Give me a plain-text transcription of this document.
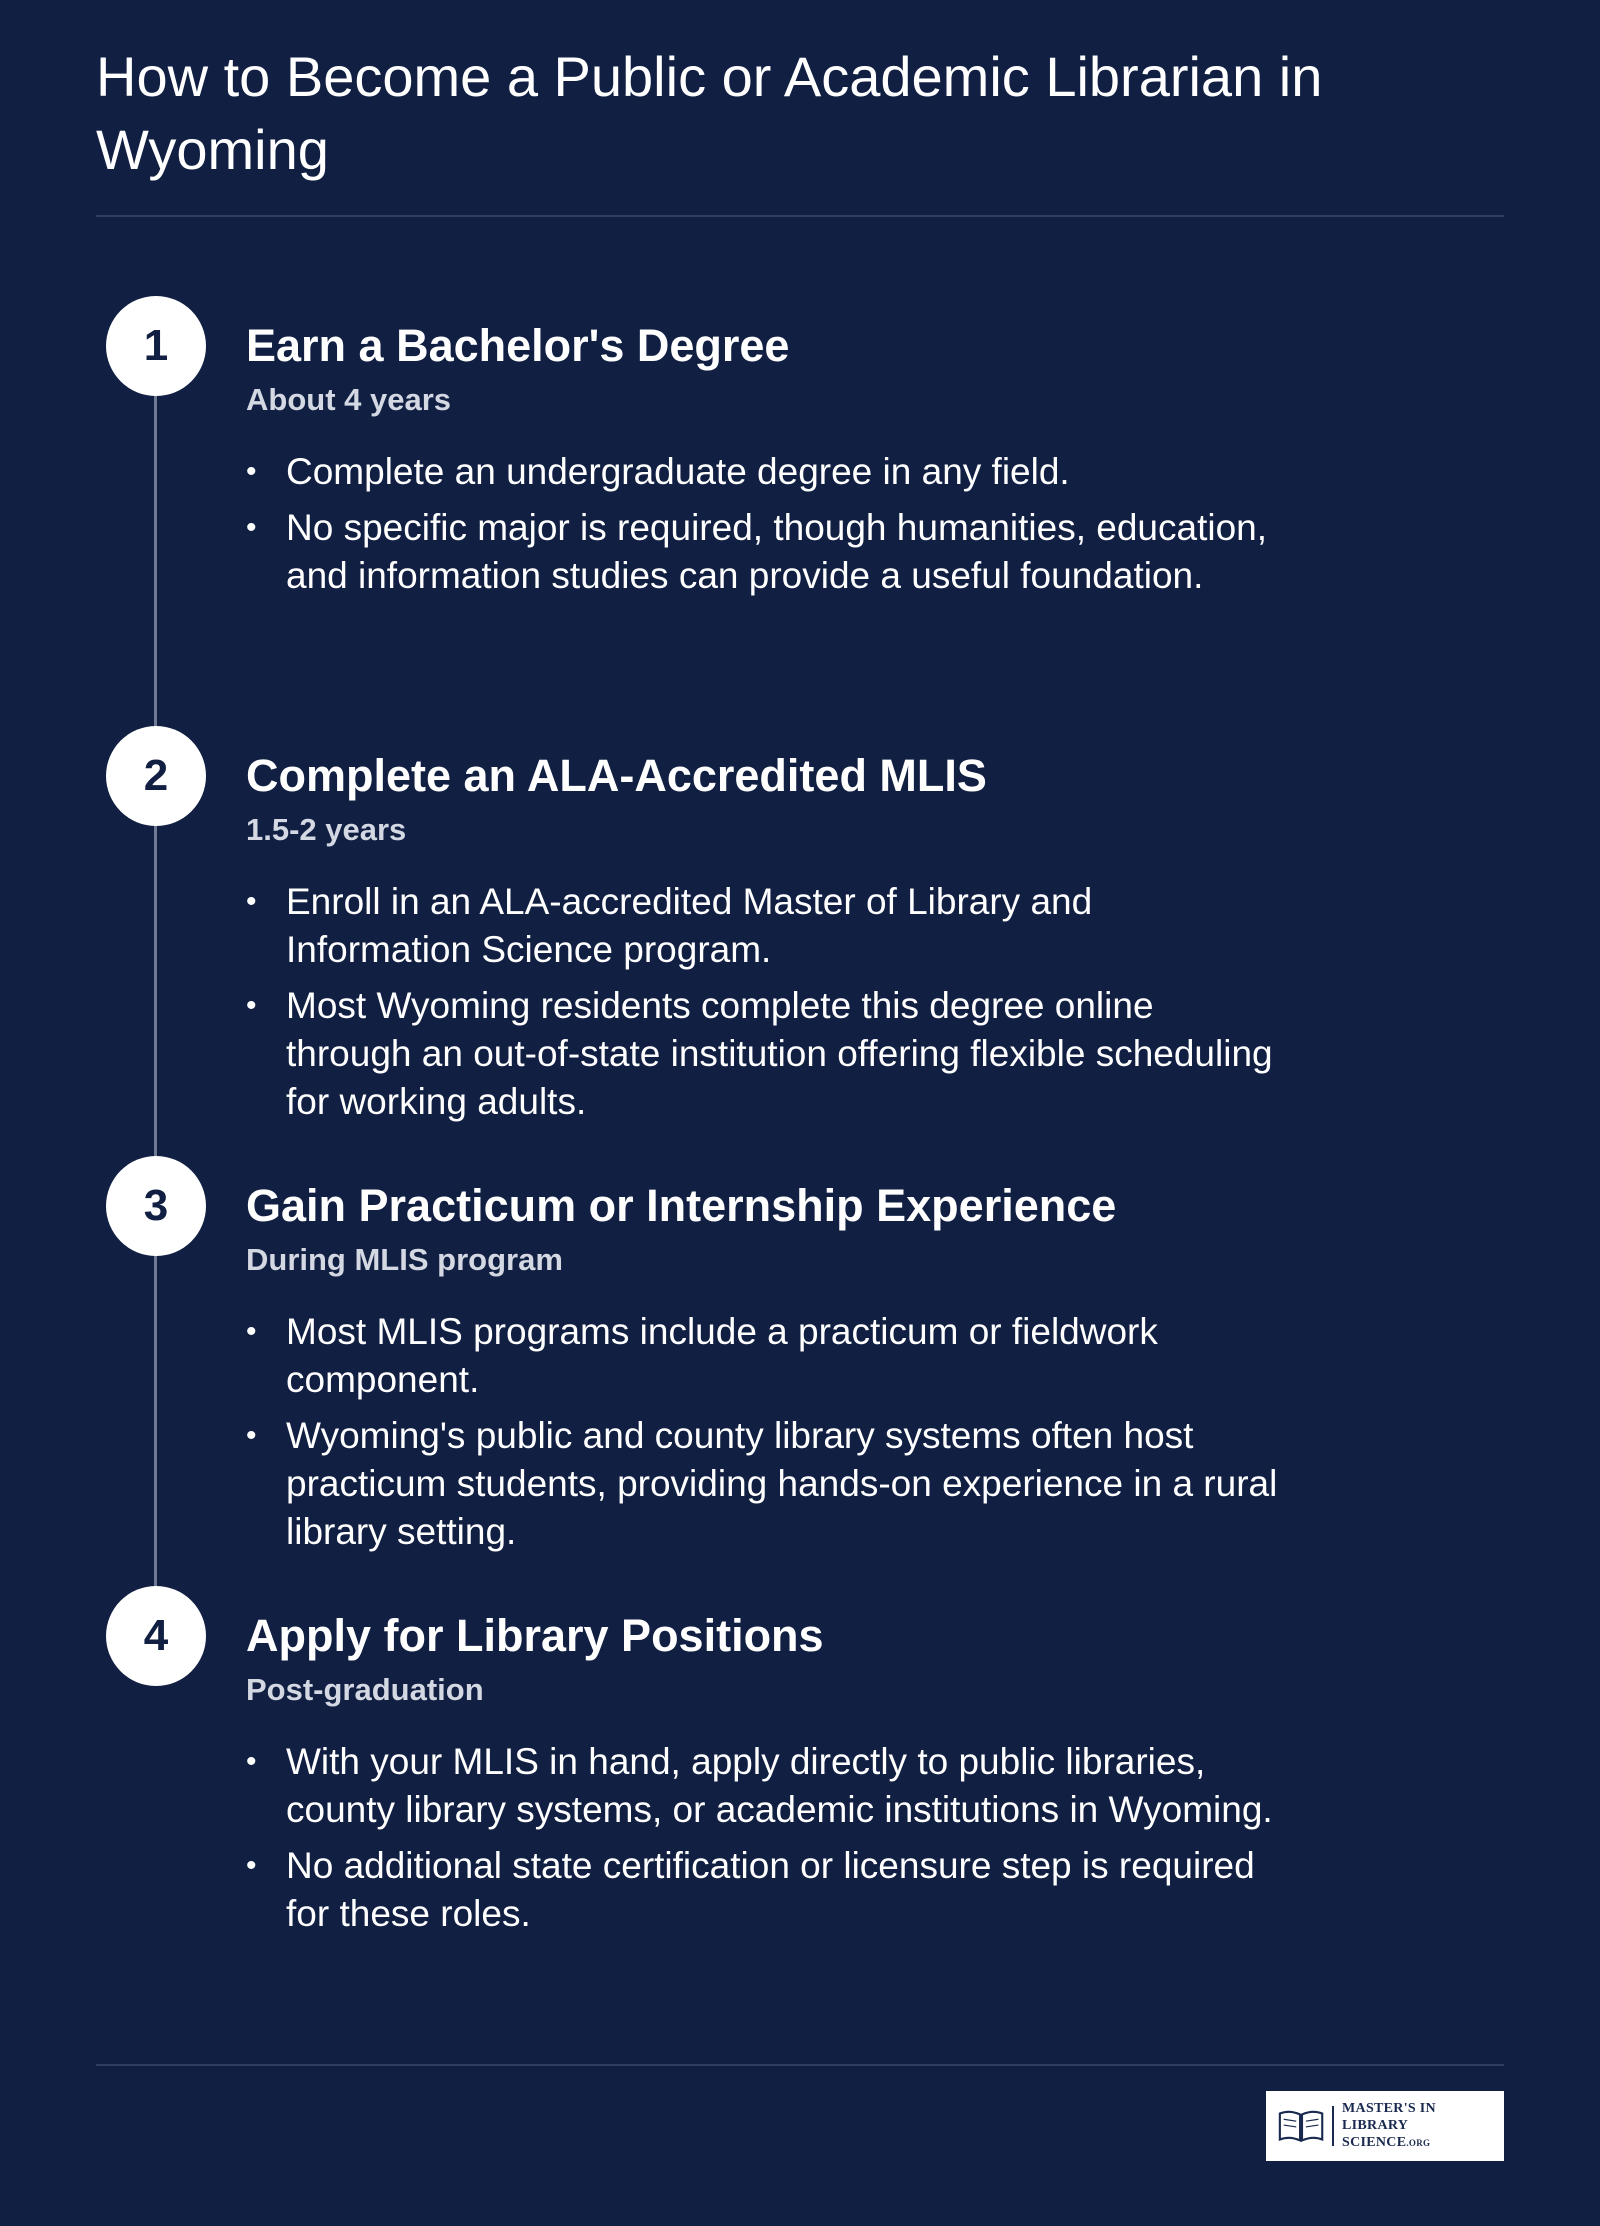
How to Become a Public or Academic Librarian in Wyoming
1	Earn a Bachelor's Degree
About 4 years
• Complete an undergraduate degree in any field.
• No specific major is required, though humanities, education, and information studies can provide a useful foundation.
2	Complete an ALA-Accredited MLIS
1.5-2 years
• Enroll in an ALA-accredited Master of Library and Information Science program.
• Most Wyoming residents complete this degree online through an out-of-state institution offering flexible scheduling for working adults.
3	Gain Practicum or Internship Experience
During MLIS program
• Most MLIS programs include a practicum or fieldwork component.
• Wyoming's public and county library systems often host practicum students, providing hands-on experience in a rural library setting.
4	Apply for Library Positions
Post-graduation
• With your MLIS in hand, apply directly to public libraries, county library systems, or academic institutions in Wyoming.
• No additional state certification or licensure step is required for these roles.
MASTER'S IN
LIBRARY SCIENCE.ORG
